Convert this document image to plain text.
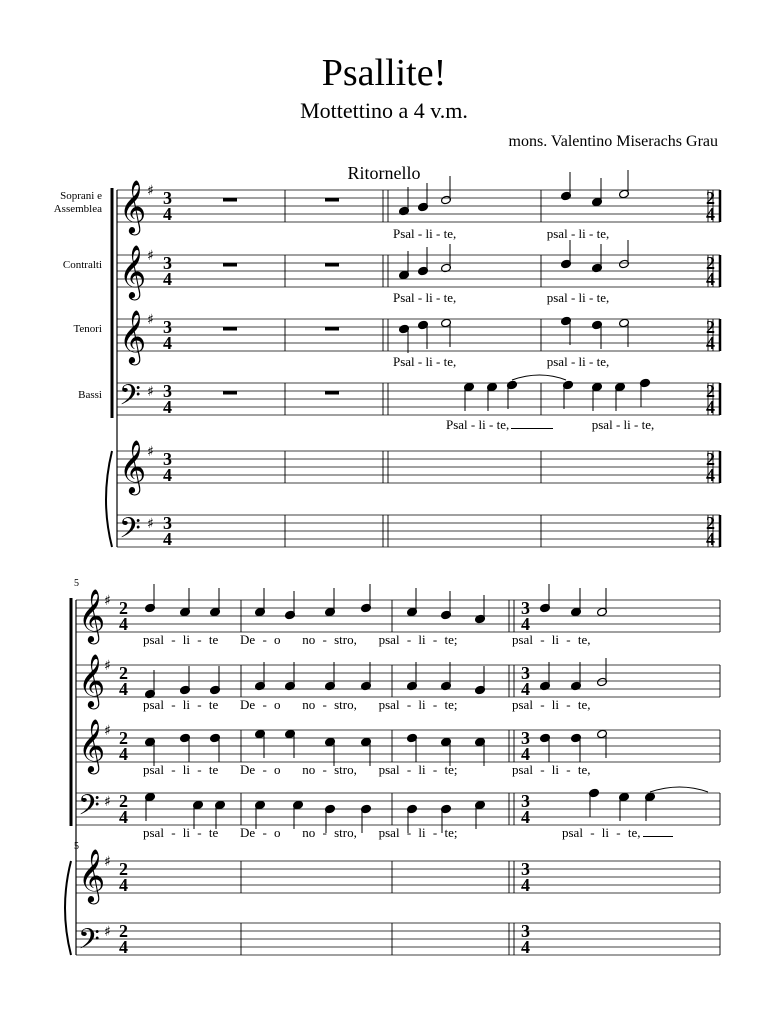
Psallite!
Mottettino a 4 v.m.
mons. Valentino Miserachs Grau
Ritornello
Soprani e
Assemblea
Contralti
Tenori
Bassi
𝄞
𝄞
𝄞
𝄢
𝄞
𝄢
𝄞
𝄞
𝄞
𝄢
𝄞
𝄢
♯
♯
♯
♯
♯
♯
♯
♯
♯
♯
♯
♯
3
4
2
4
3
4
2
4
3
4
2
4
3
4
2
4
3
4
2
4
3
4
2
4
2
4
3
4
2
4
3
4
2
4
3
4
2
4
3
4
2
4
3
4
2
4
3
4
5
5
Psal - li - te,	psal - li - te,
Psal - li - te,	psal - li - te,
Psal - li - te,	psal - li - te,
Psal - li - te,	psal - li - te,
psal - li - te De - o no - stro, psal - li - te;	psal - li - te,
psal - li - te De - o no - stro, psal - li - te;	psal - li - te,
psal - li - te De - o no - stro, psal - li - te;	psal - li - te,
psal - li - te De - o no - stro, psal - li - te;	psal - li - te,
